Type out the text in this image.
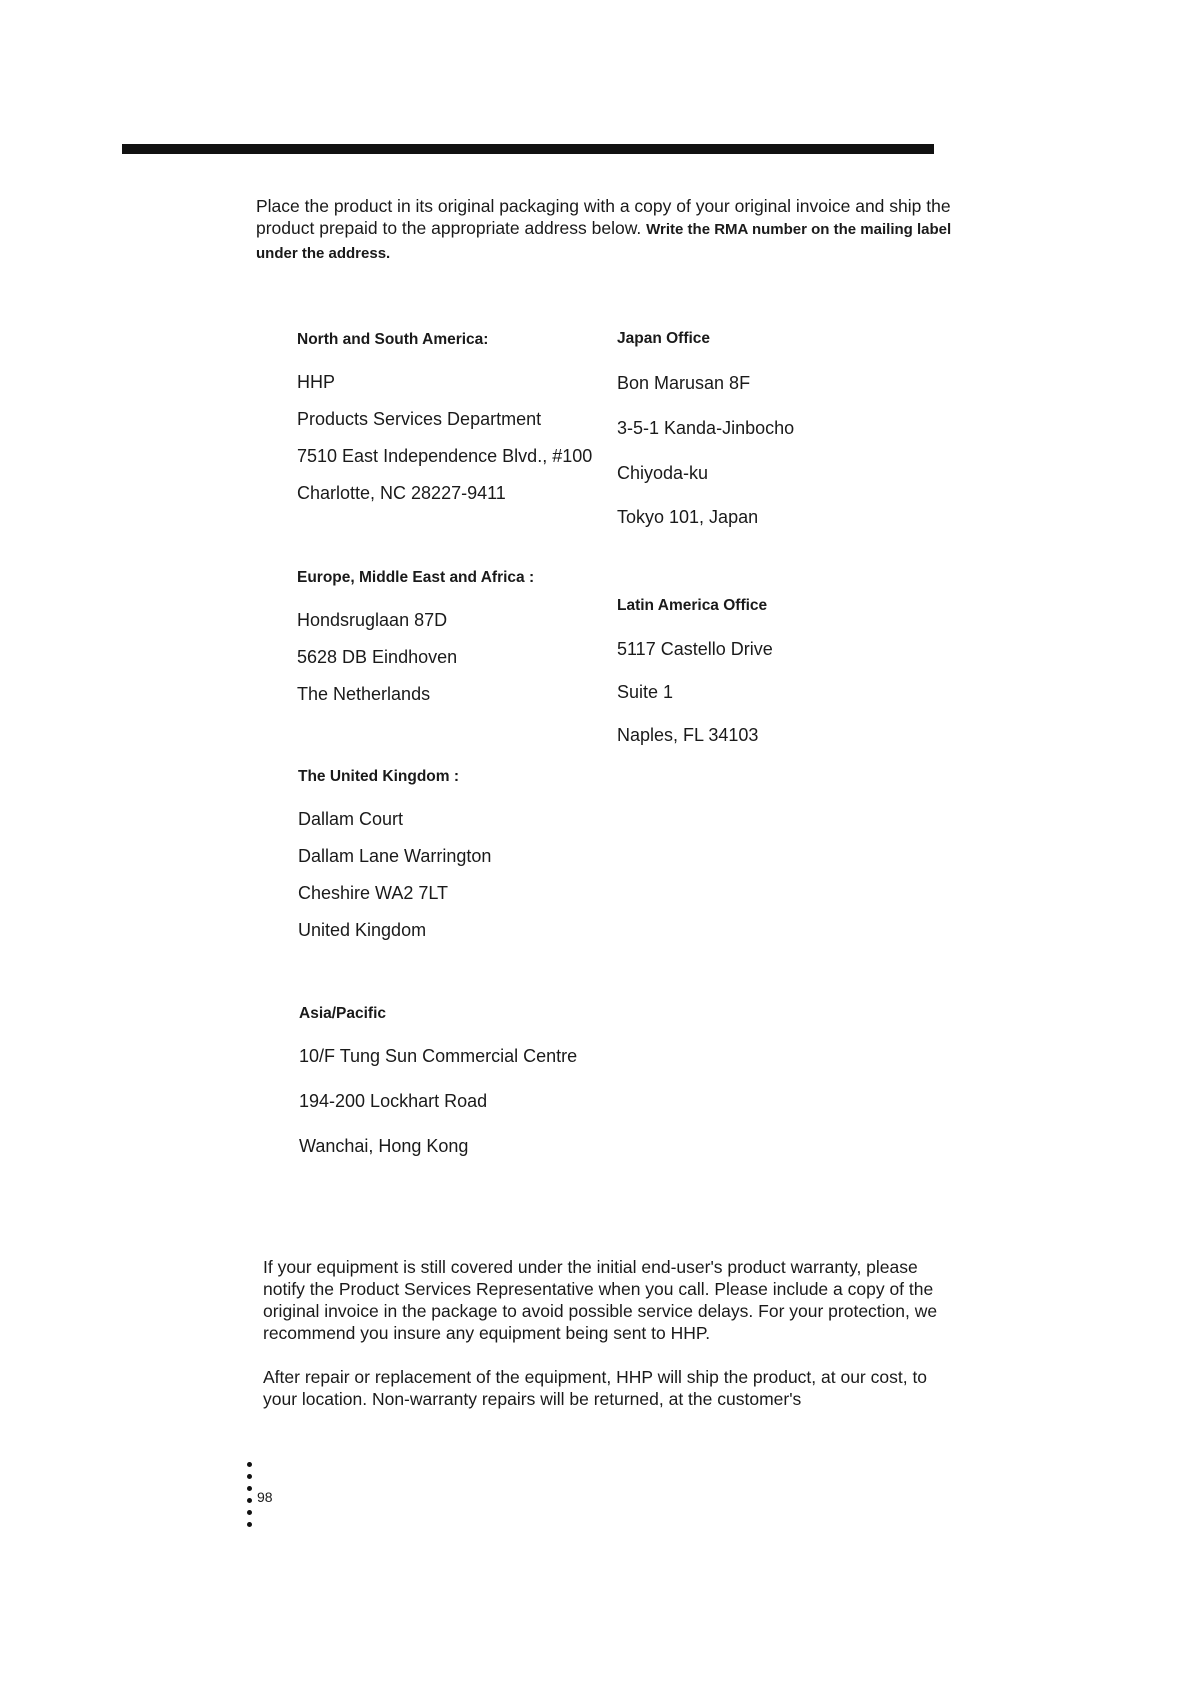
Place the product in its original packaging with a copy of your original invoice and ship the product prepaid to the appropriate address below. Write the RMA number on the mailing label under the address.

North and South America:

HHP

Products Services Department

7510 East Independence Blvd., #100

Charlotte, NC 28227-9411

Japan Office

Bon Marusan 8F

3-5-1 Kanda-Jinbocho

Chiyoda-ku

Tokyo 101, Japan

Europe, Middle East and Africa :

Hondsruglaan 87D

5628 DB Eindhoven

The Netherlands

Latin America Office

5117 Castello Drive

Suite 1

Naples, FL 34103

The United Kingdom :

Dallam Court

Dallam Lane Warrington

Cheshire WA2 7LT

United Kingdom

Asia/Pacific

10/F Tung Sun Commercial Centre

194-200 Lockhart Road

Wanchai, Hong Kong

If your equipment is still covered under the initial end-user's product warranty, please notify the Product Services Representative when you call. Please include a copy of the original invoice in the package to avoid possible service delays. For your protection, we recommend you insure any equipment being sent to HHP.

After repair or replacement of the equipment, HHP will ship the product, at our cost, to your location. Non-warranty repairs will be returned, at the customer's

98
